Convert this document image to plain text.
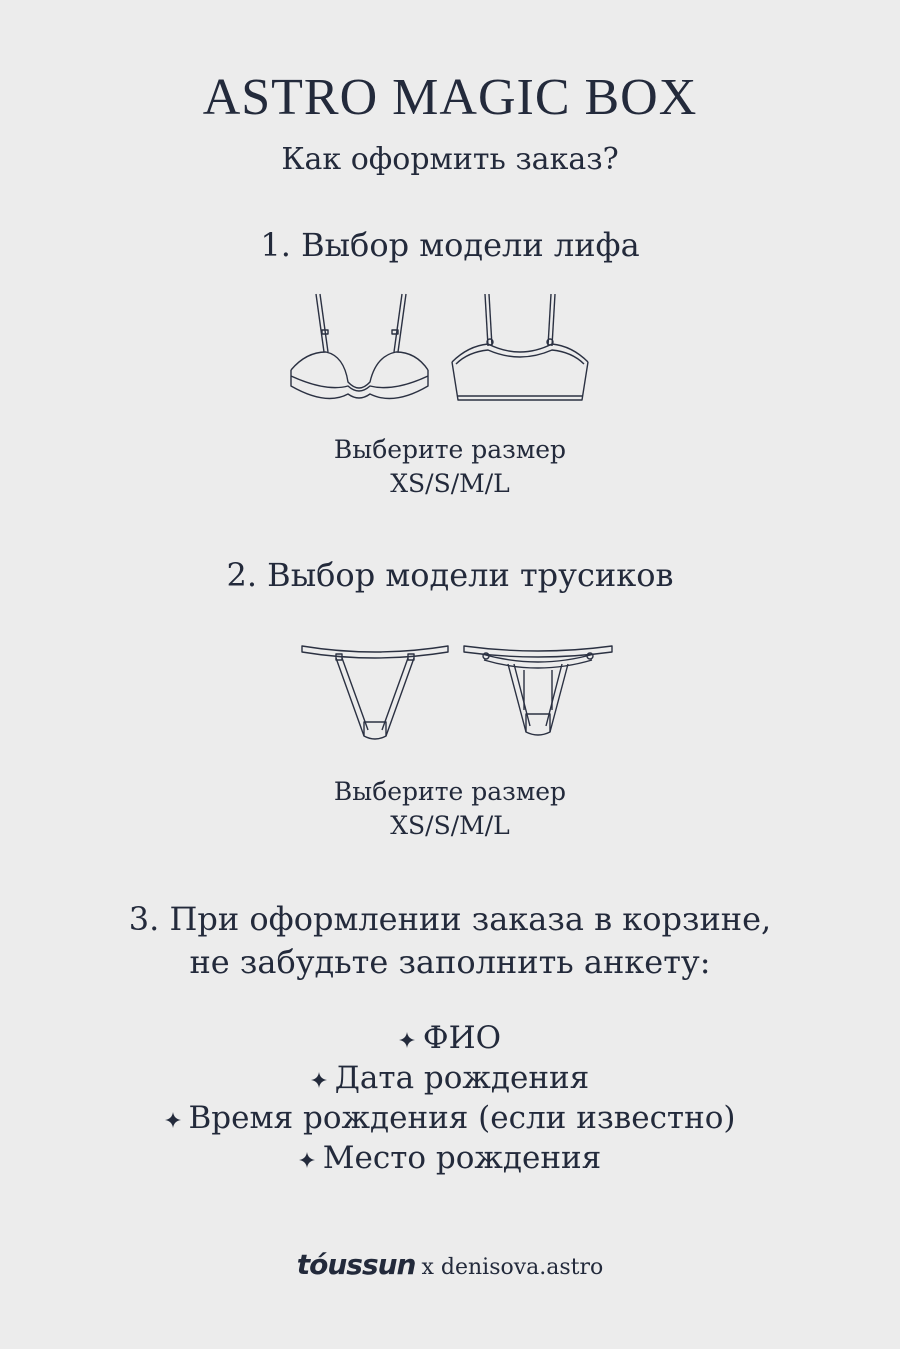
ASTRO MAGIC BOX
Как оформить заказ?
1. Выбор модели лифа
Выберите размер
XS/S/M/L
2. Выбор модели трусиков
Выберите размер
XS/S/M/L
3. При оформлении заказа в корзине,
не забудьте заполнить анкету:
ФИО
Дата рождения
Время рождения (если известно)
Место рождения
tóussun x denisova.astro
